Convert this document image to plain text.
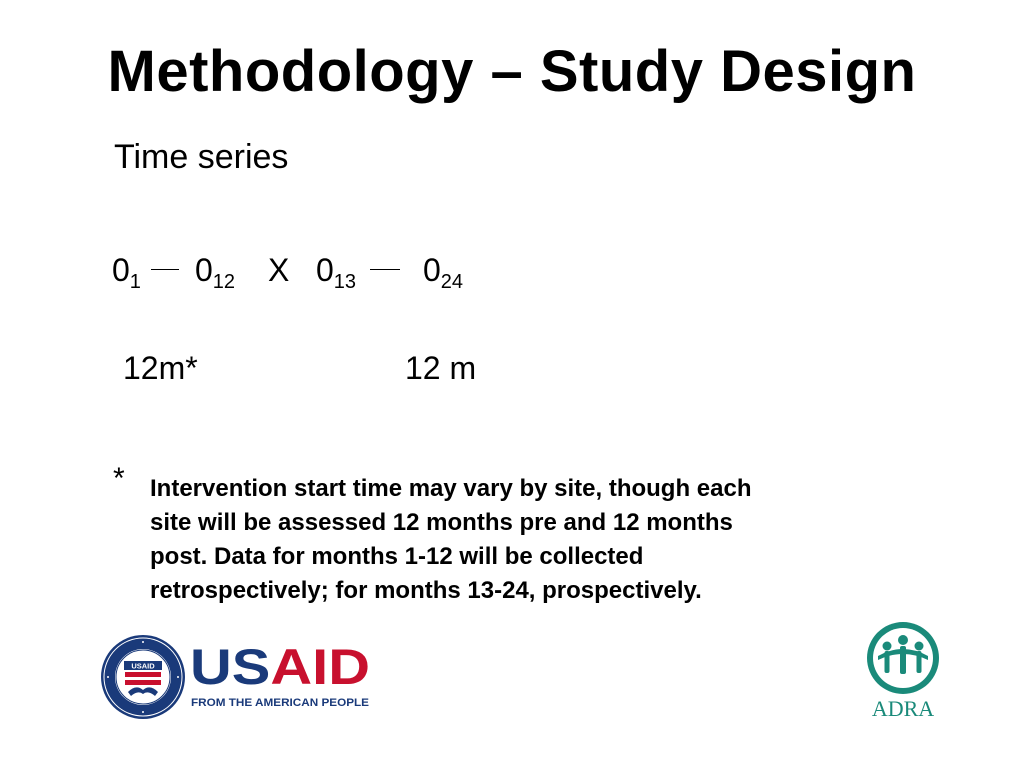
Methodology – Study Design
Time series
$0_1$ $0_{12}$ X $0_{13}$ $0_{24}$
12m*	12 m
* Intervention start time may vary by site, though each
site will be assessed 12 months pre and 12 months
post. Data for months 1-12 will be collected
retrospectively; for months 13-24, prospectively.
USAID US AID
FROM THE AMERICAN PEOPLE	ADRA
